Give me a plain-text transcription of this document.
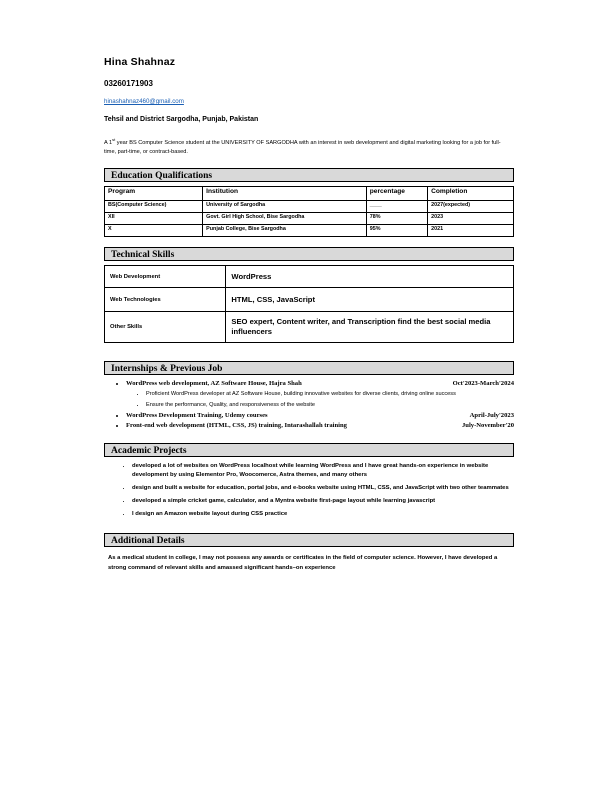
Hina Shahnaz
03260171903
hinashahnaz460@gmail.com
Tehsil and District Sargodha, Punjab, Pakistan

A 1st year BS Computer Science student at the UNIVERSITY OF SARGODHA with an interest in web development and digital marketing looking for a job for full-time, part-time, or contract-based.

Education Qualifications
Program	Institution	percentage	Completion
BS(Computer Science)	University of Sargodha	____	2027(expected)
XII	Govt. Girl High School, Bise Sargodha	78%	2023
X	Punjab College, Bise Sargodha	95%	2021
Technical Skills
Web Development	WordPress
Web Technologies	HTML, CSS, JavaScript
Other Skills	SEO expert, Content writer, and Transcription find the best social media influencers
Internships & Previous Job
• WordPress web development, AZ Software House, Hajra Shah	Oct'2023-March'2024
• Proficient WordPress developer at AZ Software House, building innovative websites for diverse clients, driving online success
• Ensure the performance, Quality, and responsiveness of the website
• WordPress Development Training, Udemy courses	April-July'2023
• Front-end web development (HTML, CSS, JS) training, Intarashallah training	July-November'20
Academic Projects
• developed a lot of websites on WordPress localhost while learning WordPress and I have great hands-on experience in website development by using Elementor Pro, Woocomerce, Astra themes, and many others
• design and built a website for education, portal jobs, and e-books website using HTML, CSS, and JavaScript with two other teammates
• developed a simple cricket game, calculator, and a Myntra website first-page layout while learning javascript
• I design an Amazon website layout during CSS practice
Additional Details

As a medical student in college, I may not possess any awards or certificates in the field of computer science. However, I have developed a strong command of relevant skills and amassed significant hands–on experience
